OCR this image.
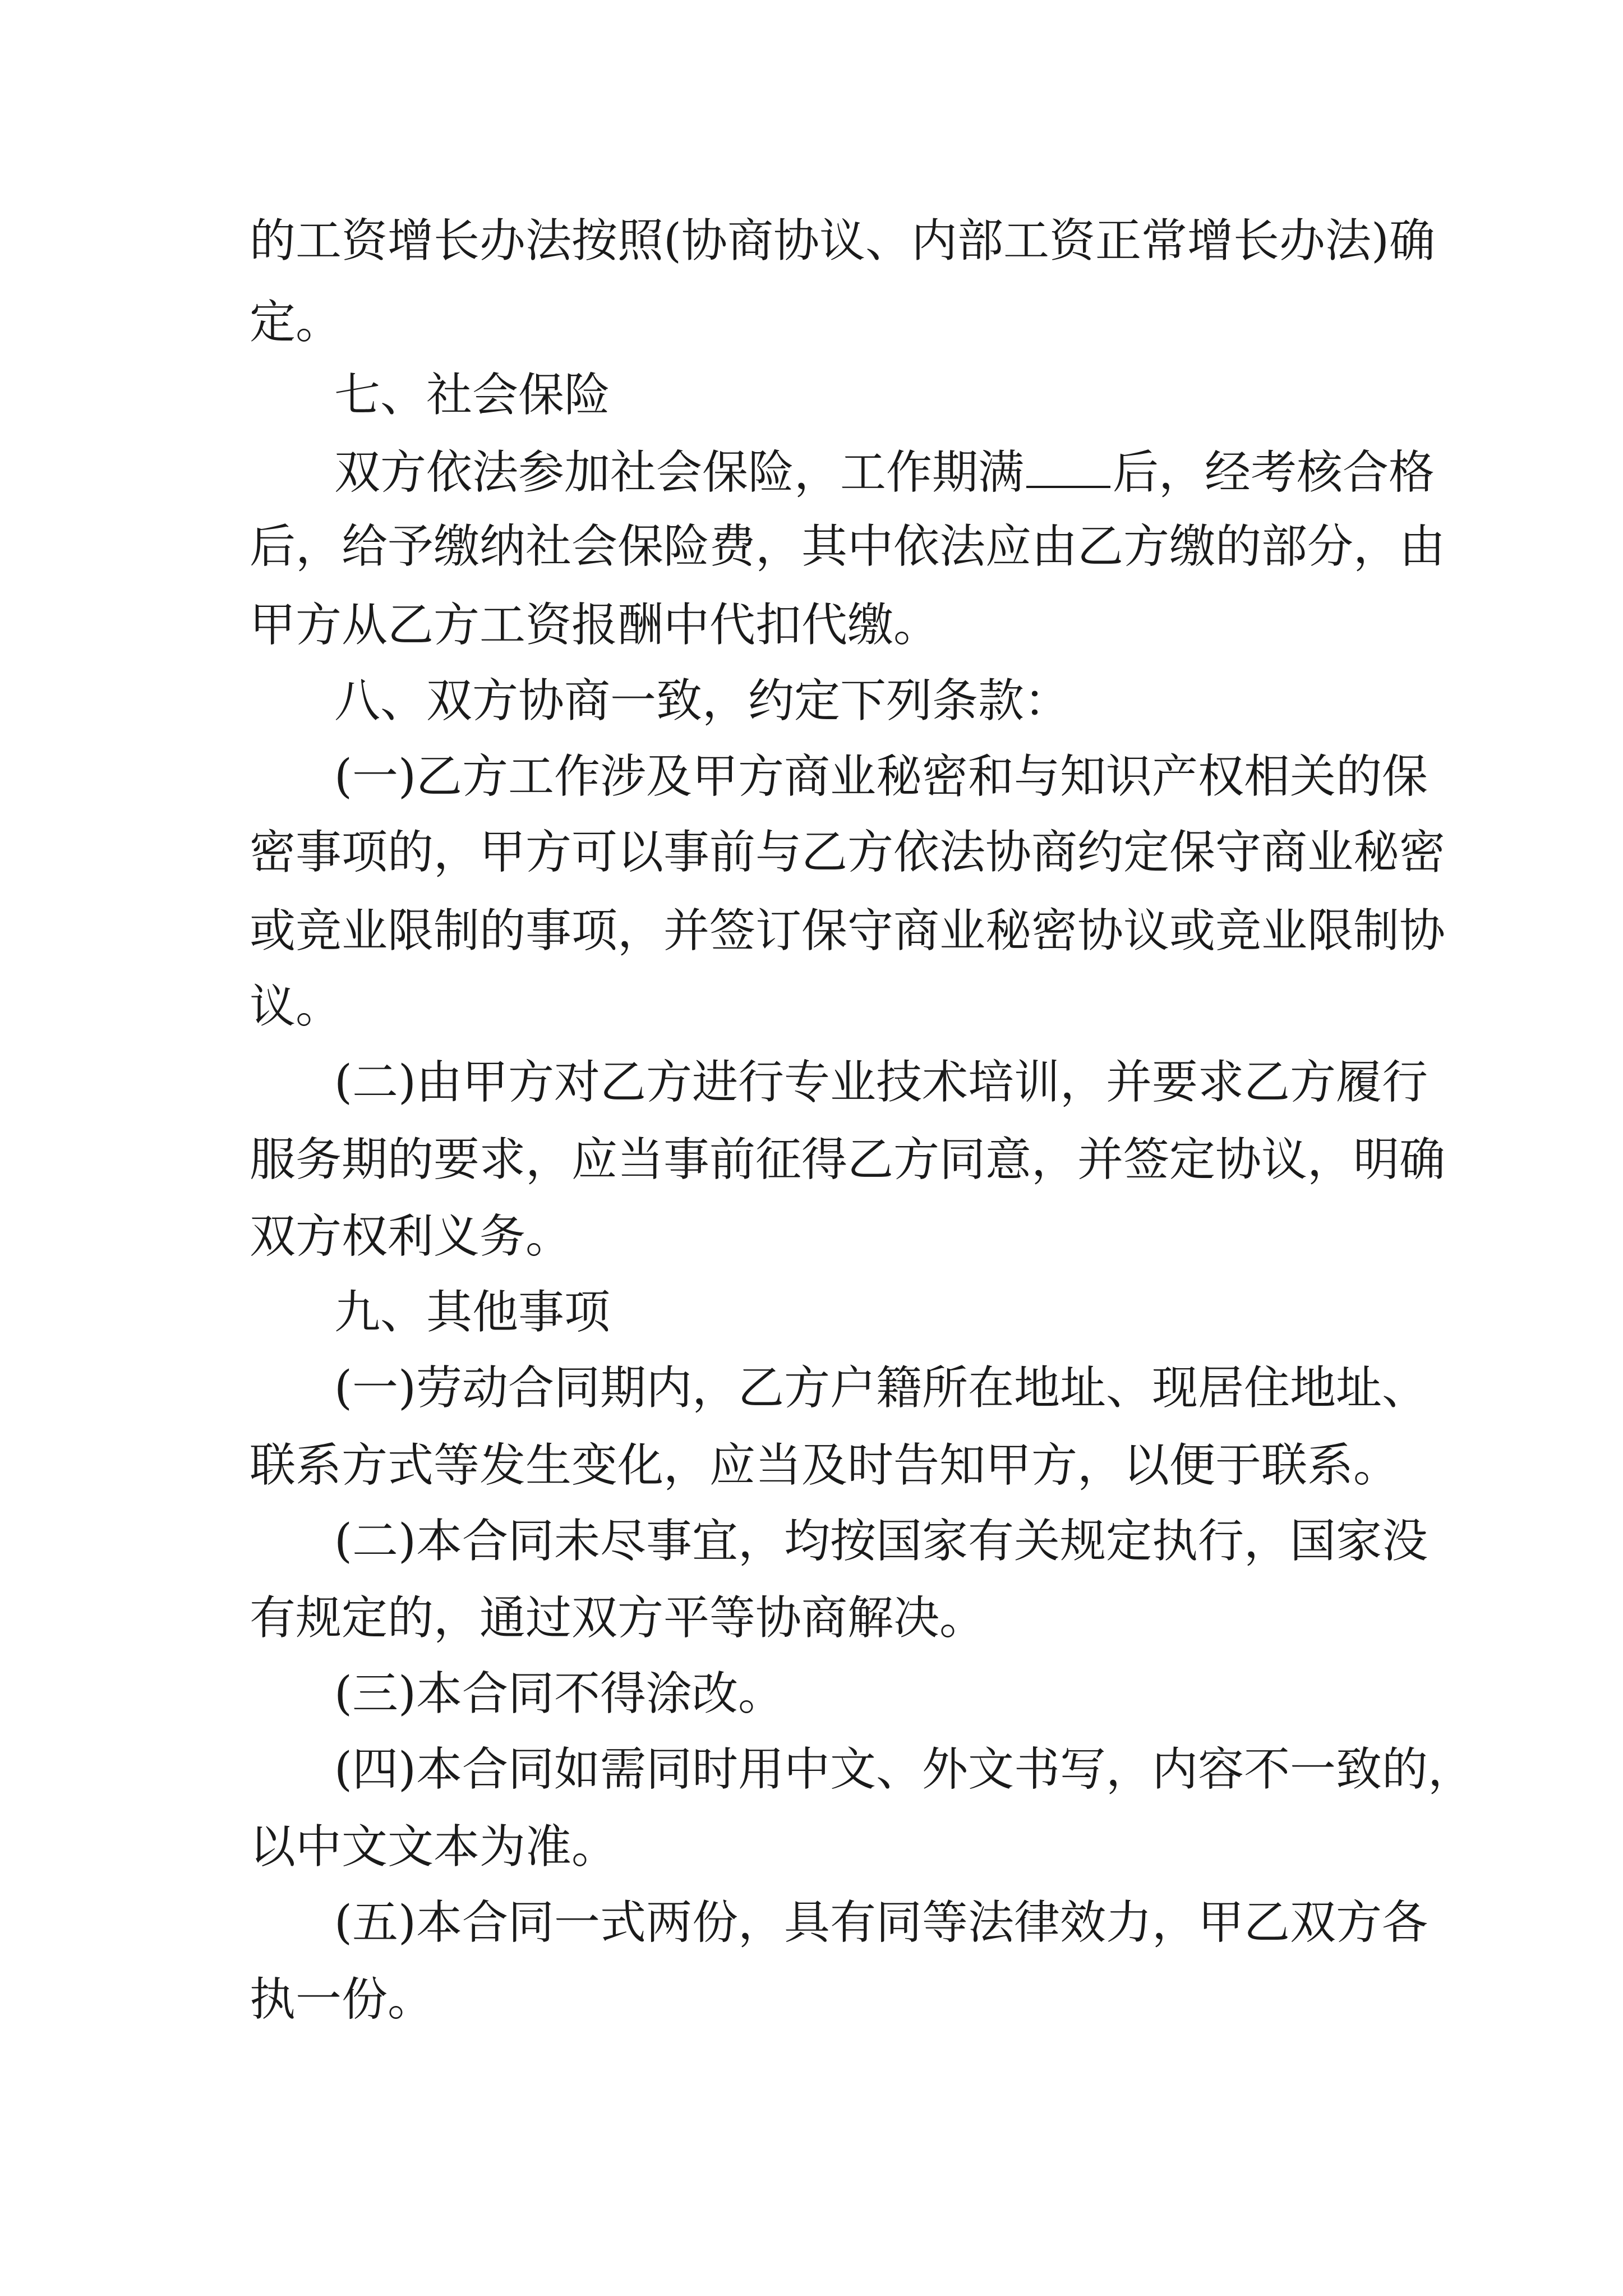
的工资增长办法按照(协商协议、内部工资正常增长办法)确
定。
七、社会保险
双方依法参加社会保险，工作期满 后，经考核合格
后，给予缴纳社会保险费，其中依法应由乙方缴的部分，由
甲方从乙方工资报酬中代扣代缴。
八、双方协商一致，约定下列条款：
(一)乙方工作涉及甲方商业秘密和与知识产权相关的保
密事项的，甲方可以事前与乙方依法协商约定保守商业秘密
或竞业限制的事项，并签订保守商业秘密协议或竞业限制协
议。
(二)由甲方对乙方进行专业技术培训，并要求乙方履行
服务期的要求，应当事前征得乙方同意，并签定协议，明确
双方权利义务。
九、其他事项
(一)劳动合同期内，乙方户籍所在地址、现居住地址、
联系方式等发生变化，应当及时告知甲方，以便于联系。
(二)本合同未尽事宜，均按国家有关规定执行，国家没
有规定的，通过双方平等协商解决。
(三)本合同不得涂改。
(四)本合同如需同时用中文、外文书写，内容不一致的，
以中文文本为准。
(五)本合同一式两份，具有同等法律效力，甲乙双方各
执一份。
